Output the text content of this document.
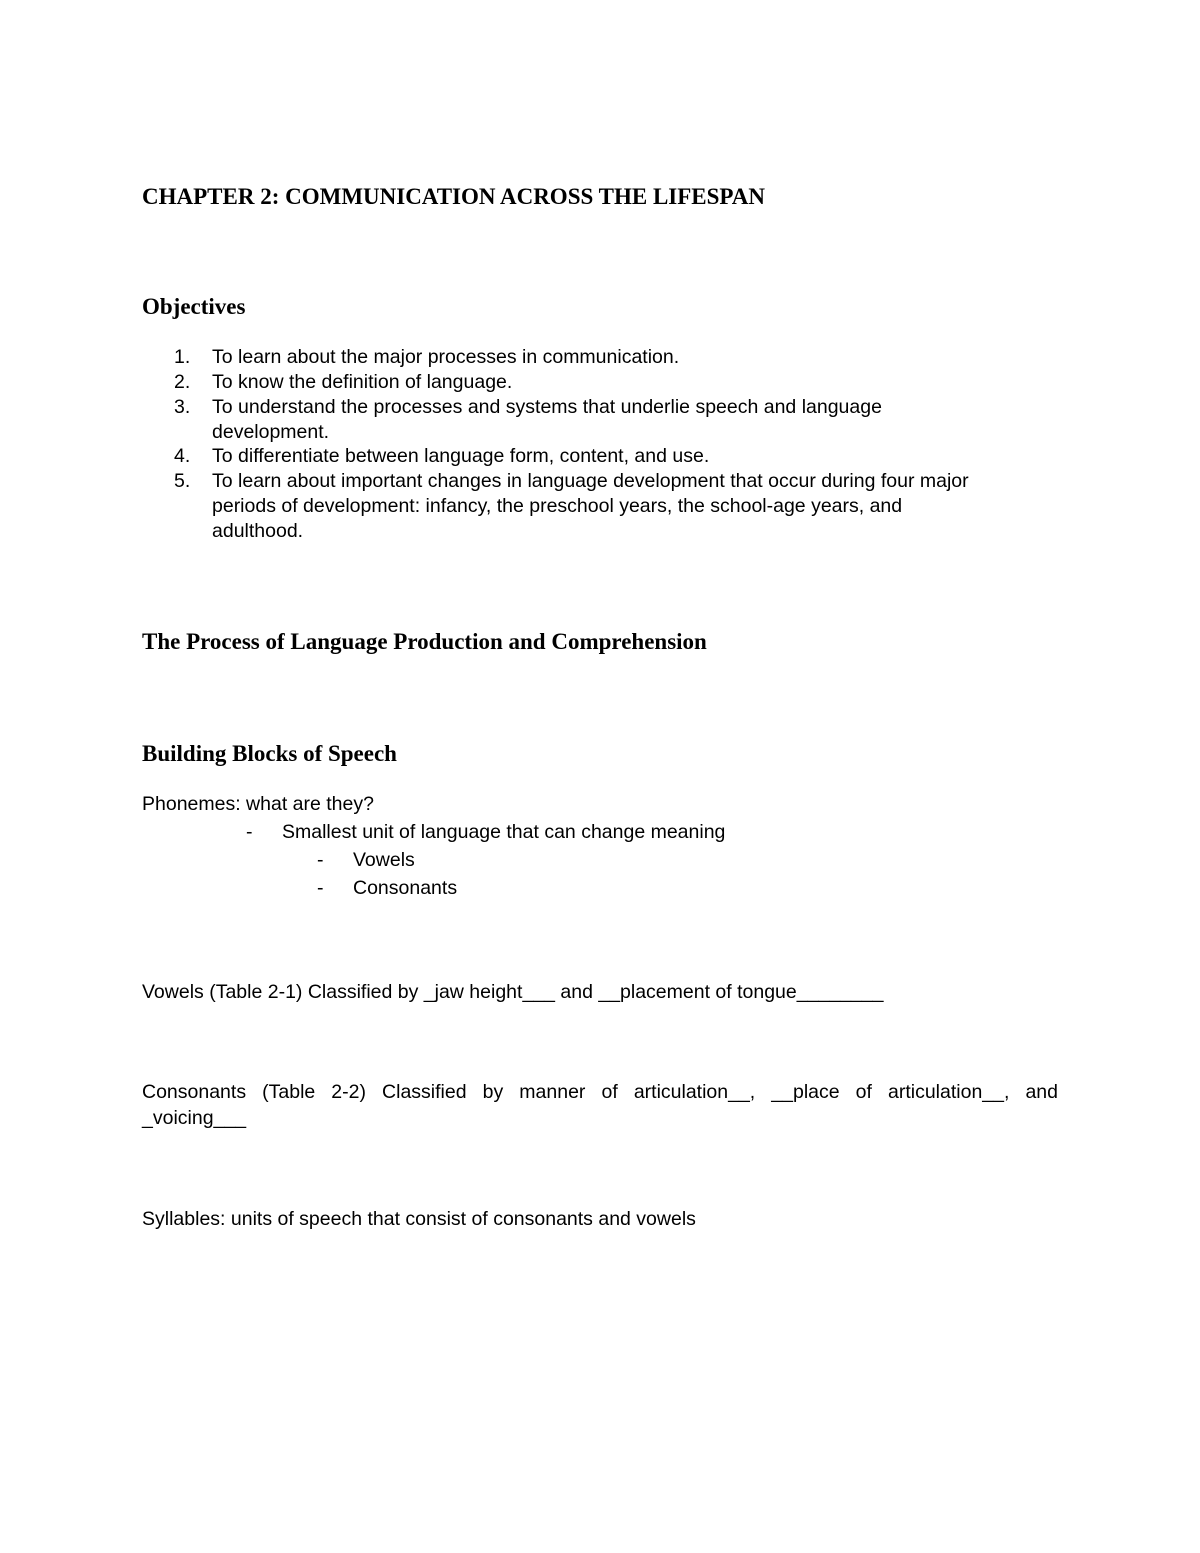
CHAPTER 2: COMMUNICATION ACROSS THE LIFESPAN
Objectives
1.	To learn about the major processes in communication.
2.	To know the definition of language.
3.	To understand the processes and systems that underlie speech and language
development.
4.	To differentiate between language form, content, and use.
5.	To learn about important changes in language development that occur during four major
periods of development: infancy, the preschool years, the school-age years, and
adulthood.
The Process of Language Production and Comprehension
Building Blocks of Speech

Phonemes: what are they?

- Smallest unit of language that can change meaning
- Vowels
- Consonants

Vowels (Table 2-1) Classified by _jaw height___ and __placement of tongue________

Consonants (Table 2-2) Classified by manner of articulation__, __place of articulation__, and

_voicing___

Syllables: units of speech that consist of consonants and vowels
